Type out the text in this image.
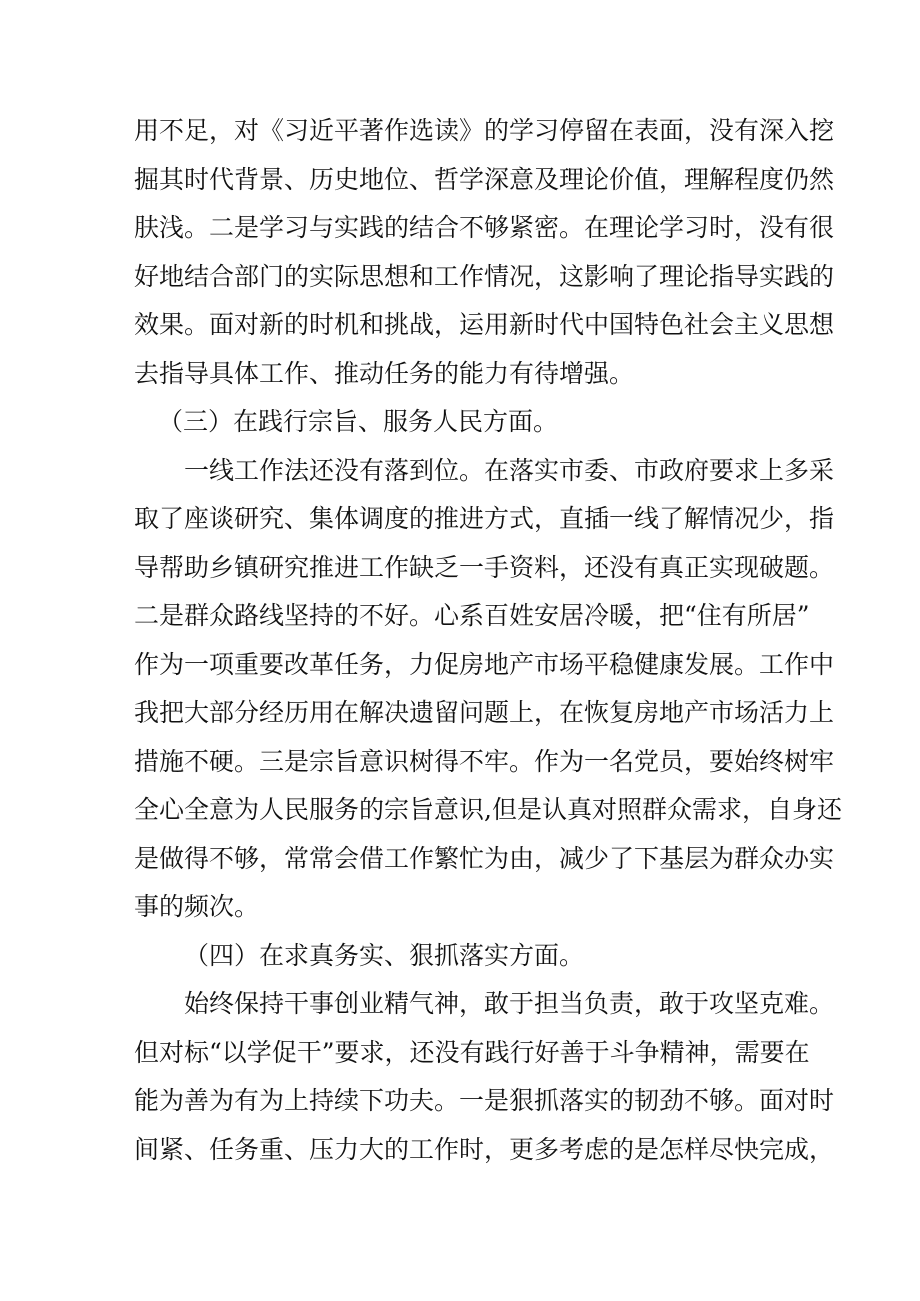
用不足，对《习近平著作选读》的学习停留在表面，没有深入挖
掘其时代背景、历史地位、哲学深意及理论价值，理解程度仍然
肤浅。二是学习与实践的结合不够紧密。在理论学习时，没有很
好地结合部门的实际思想和工作情况，这影响了理论指导实践的
效果。面对新的时机和挑战，运用新时代中国特色社会主义思想
去指导具体工作、推动任务的能力有待增强。
（三）在践行宗旨、服务人民方面。
一线工作法还没有落到位。在落实市委、市政府要求上多采
取了座谈研究、集体调度的推进方式，直插一线了解情况少，指
导帮助乡镇研究推进工作缺乏一手资料，还没有真正实现破题。
二是群众路线坚持的不好。心系百姓安居冷暖，把“住有所居”
作为一项重要改革任务，力促房地产市场平稳健康发展。工作中
我把大部分经历用在解决遗留问题上，在恢复房地产市场活力上
措施不硬。三是宗旨意识树得不牢。作为一名党员，要始终树牢
全心全意为人民服务的宗旨意识,但是认真对照群众需求，自身还
是做得不够，常常会借工作繁忙为由，减少了下基层为群众办实
事的频次。
（四）在求真务实、狠抓落实方面。
始终保持干事创业精气神，敢于担当负责，敢于攻坚克难。
但对标“以学促干”要求，还没有践行好善于斗争精神，需要在
能为善为有为上持续下功夫。一是狠抓落实的韧劲不够。面对时
间紧、任务重、压力大的工作时，更多考虑的是怎样尽快完成，
